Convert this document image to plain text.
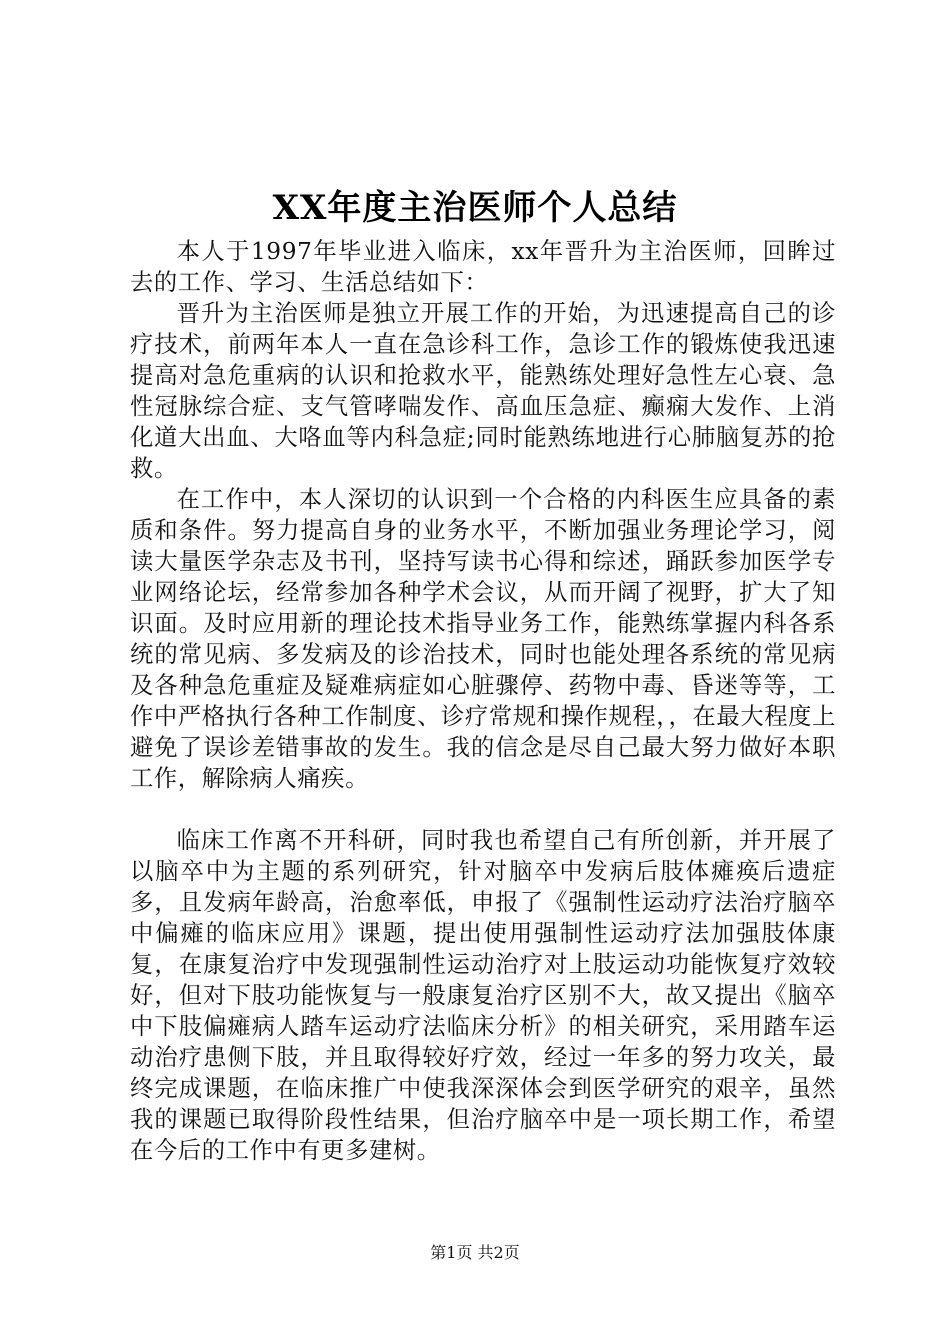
XX年度主治医师个人总结

本人于1997年毕业进入临床，xx年晋升为主治医师，回眸过去的工作、学习、生活总结如下：

晋升为主治医师是独立开展工作的开始，为迅速提高自己的诊疗技术，前两年本人一直在急诊科工作，急诊工作的锻炼使我迅速提高对急危重病的认识和抢救水平，能熟练处理好急性左心衰、急性冠脉综合症、支气管哮喘发作、高血压急症、癫痫大发作、上消化道大出血、大咯血等内科急症;同时能熟练地进行心肺脑复苏的抢救。

在工作中，本人深切的认识到一个合格的内科医生应具备的素质和条件。努力提高自身的业务水平，不断加强业务理论学习，阅读大量医学杂志及书刊，坚持写读书心得和综述，踊跃参加医学专业网络论坛，经常参加各种学术会议，从而开阔了视野，扩大了知识面。及时应用新的理论技术指导业务工作，能熟练掌握内科各系统的常见病、多发病及的诊治技术，同时也能处理各系统的常见病及各种急危重症及疑难病症如心脏骤停、药物中毒、昏迷等等，工作中严格执行各种工作制度、诊疗常规和操作规程，，在最大程度上避免了误诊差错事故的发生。我的信念是尽自己最大努力做好本职工作，解除病人痛疾。

临床工作离不开科研，同时我也希望自己有所创新，并开展了以脑卒中为主题的系列研究，针对脑卒中发病后肢体瘫痪后遗症多，且发病年龄高，治愈率低，申报了《强制性运动疗法治疗脑卒中偏瘫的临床应用》课题，提出使用强制性运动疗法加强肢体康复，在康复治疗中发现强制性运动治疗对上肢运动功能恢复疗效较好，但对下肢功能恢复与一般康复治疗区别不大，故又提出《脑卒中下肢偏瘫病人踏车运动疗法临床分析》的相关研究，采用踏车运动治疗患侧下肢，并且取得较好疗效，经过一年多的努力攻关，最终完成课题，在临床推广中使我深深体会到医学研究的艰辛，虽然我的课题已取得阶段性结果，但治疗脑卒中是一项长期工作，希望在今后的工作中有更多建树。

第1页 共2页
